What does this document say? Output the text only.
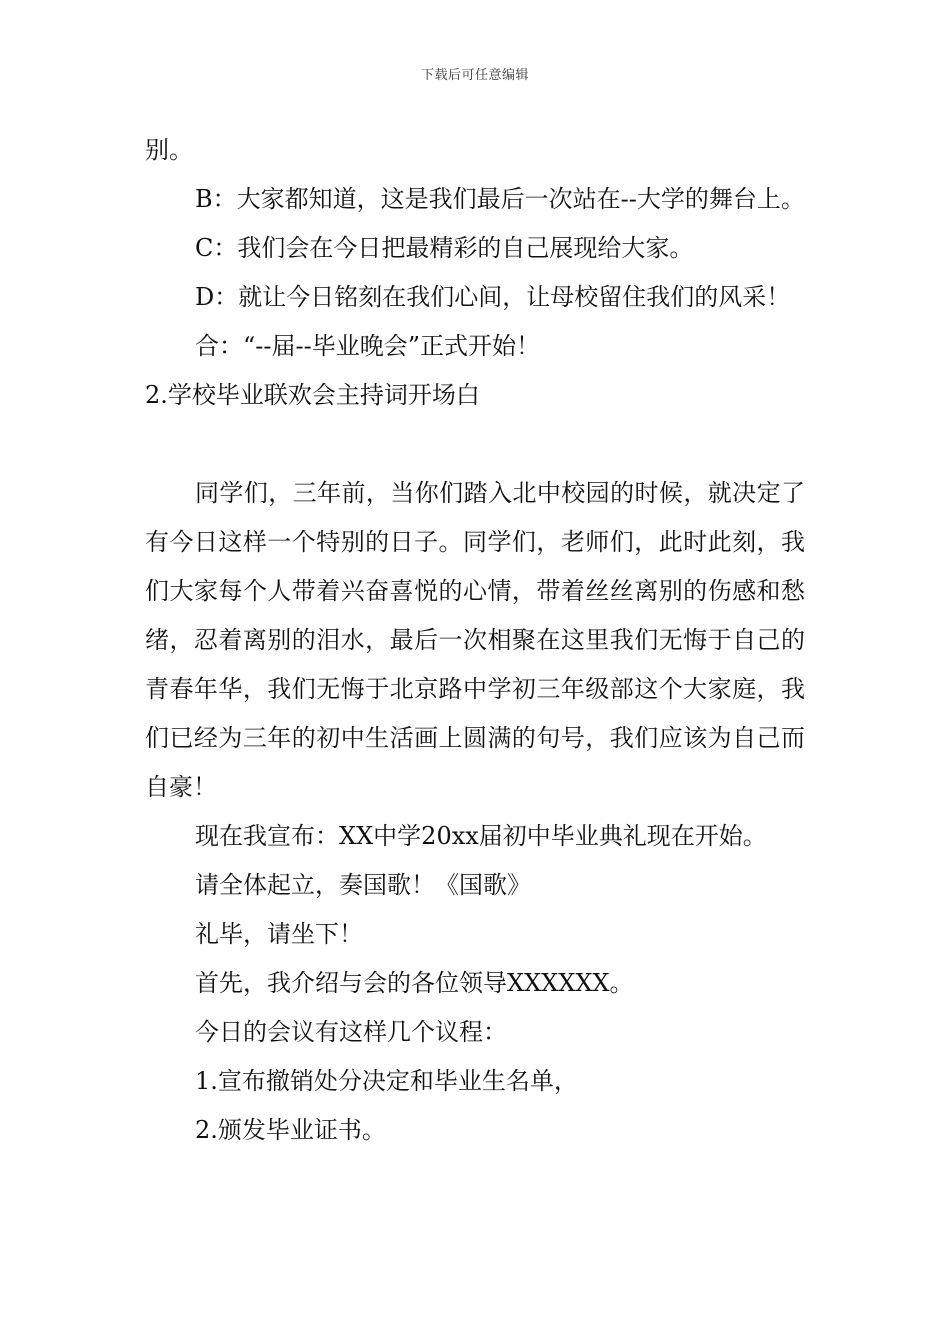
下载后可任意编辑

别。

B：大家都知道，这是我们最后一次站在--大学的舞台上。

C：我们会在今日把最精彩的自己展现给大家。

D：就让今日铭刻在我们心间，让母校留住我们的风采！

合：“--届--毕业晚会”正式开始！

2.学校毕业联欢会主持词开场白

同学们，三年前，当你们踏入北中校园的时候，就决定了有今日这样一个特别的日子。同学们，老师们，此时此刻，我们大家每个人带着兴奋喜悦的心情，带着丝丝离别的伤感和愁绪，忍着离别的泪水，最后一次相聚在这里我们无悔于自己的青春年华，我们无悔于北京路中学初三年级部这个大家庭，我们已经为三年的初中生活画上圆满的句号，我们应该为自己而自豪！

现在我宣布：XX中学20xx届初中毕业典礼现在开始。

请全体起立，奏国歌！《国歌》

礼毕，请坐下！

首先，我介绍与会的各位领导XXXXXX。

今日的会议有这样几个议程：

1.宣布撤销处分决定和毕业生名单，

2.颁发毕业证书。
